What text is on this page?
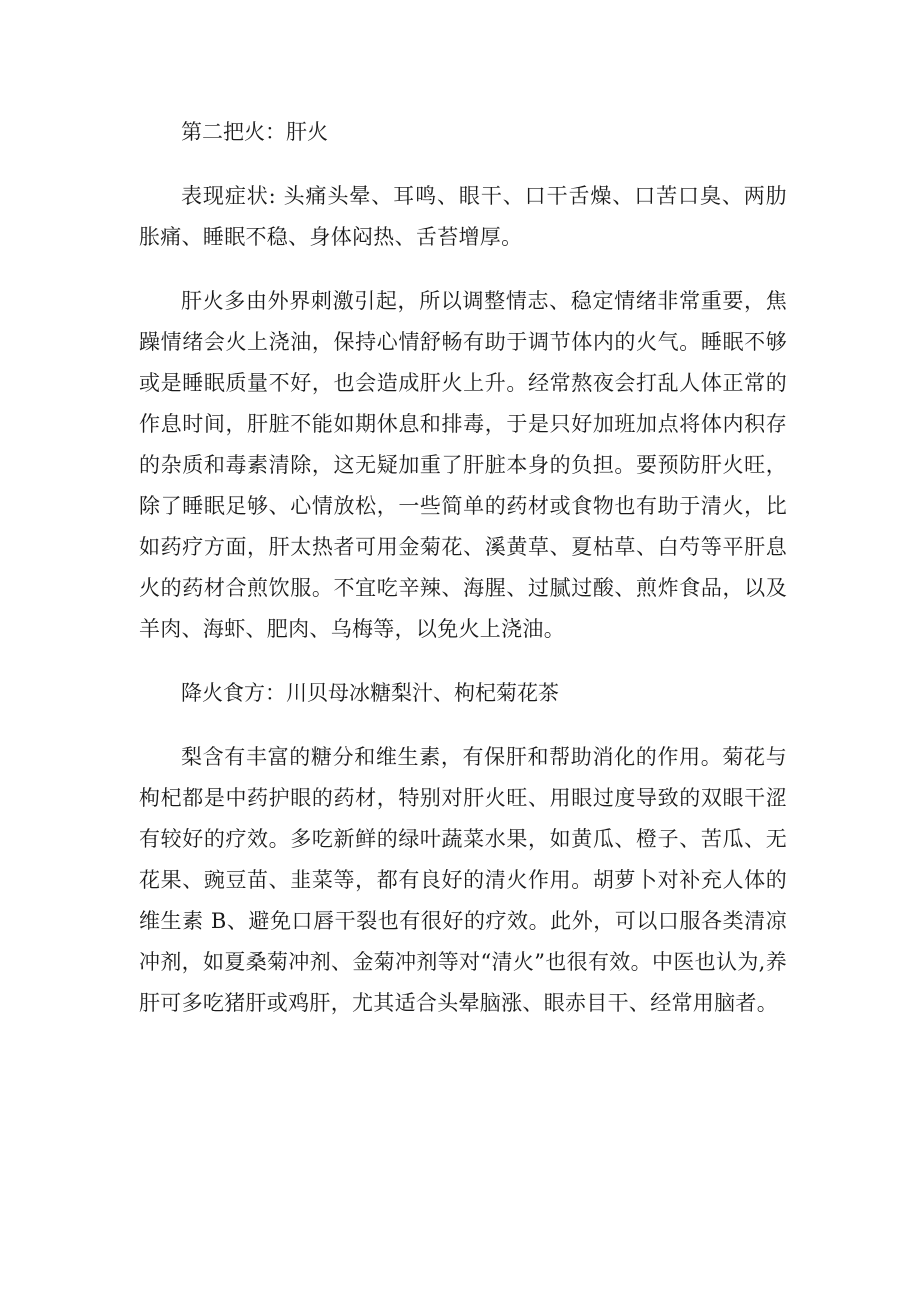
第二把火：肝火

表现症状: 头痛头晕、耳鸣、眼干、口干舌燥、口苦口臭、两肋胀痛、睡眠不稳、身体闷热、舌苔增厚。

肝火多由外界刺激引起，所以调整情志、稳定情绪非常重要，焦躁情绪会火上浇油，保持心情舒畅有助于调节体内的火气。睡眠不够或是睡眠质量不好，也会造成肝火上升。经常熬夜会打乱人体正常的作息时间，肝脏不能如期休息和排毒，于是只好加班加点将体内积存的杂质和毒素清除，这无疑加重了肝脏本身的负担。要预防肝火旺，除了睡眠足够、心情放松，一些简单的药材或食物也有助于清火，比如药疗方面，肝太热者可用金菊花、溪黄草、夏枯草、白芍等平肝息火的药材合煎饮服。不宜吃辛辣、海腥、过腻过酸、煎炸食品，以及羊肉、海虾、肥肉、乌梅等，以免火上浇油。

降火食方：川贝母冰糖梨汁、枸杞菊花茶

梨含有丰富的糖分和维生素，有保肝和帮助消化的作用。菊花与枸杞都是中药护眼的药材，特别对肝火旺、用眼过度导致的双眼干涩有较好的疗效。多吃新鲜的绿叶蔬菜水果，如黄瓜、橙子、苦瓜、无花果、豌豆苗、韭菜等，都有良好的清火作用。胡萝卜对补充人体的维生素 B、避免口唇干裂也有很好的疗效。此外，可以口服各类清凉冲剂，如夏桑菊冲剂、金菊冲剂等对“清火”也很有效。中医也认为,养肝可多吃猪肝或鸡肝，尤其适合头晕脑涨、眼赤目干、经常用脑者。
